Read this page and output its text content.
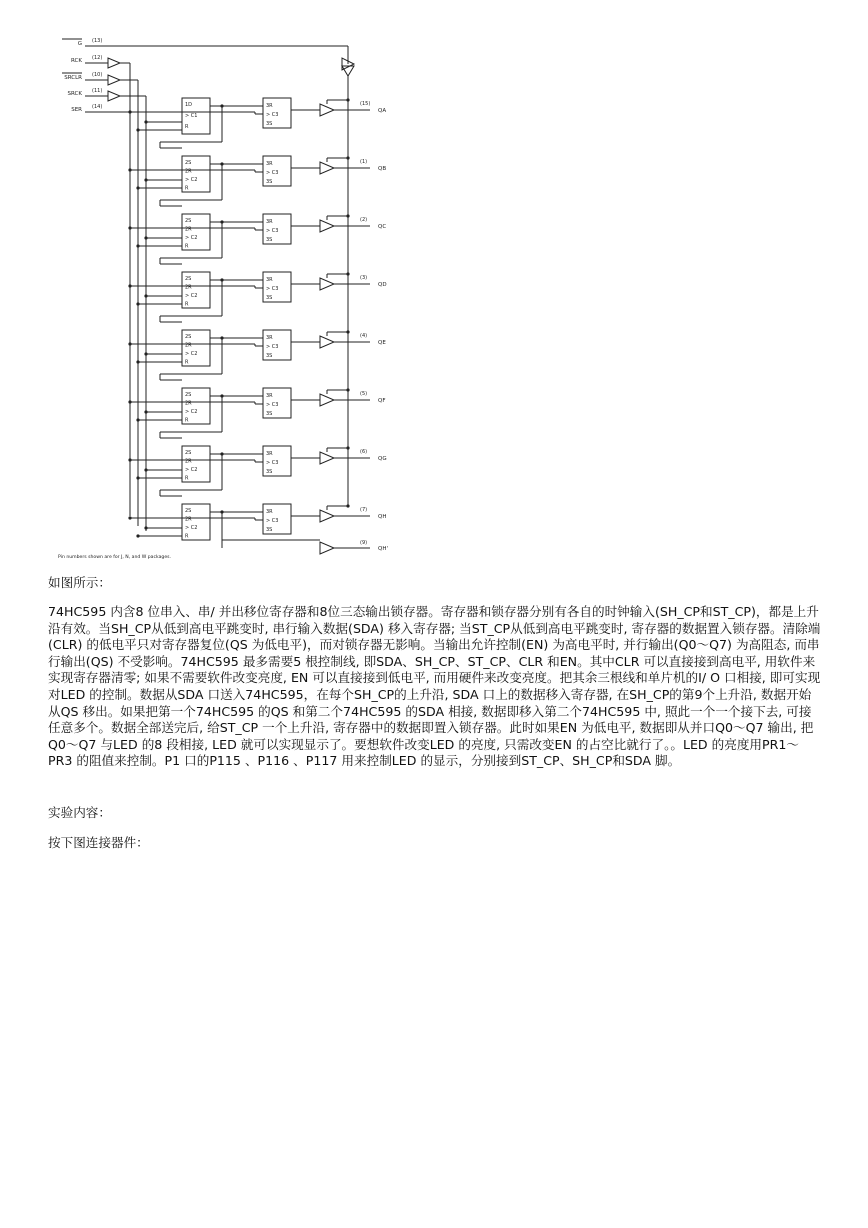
G (13)
RCK (12)
SRCLR (10)
SRCK (11)
SER (14)	1D
> C1
R
3R
> C3
3S
(15)
QA
2S
2R
> C2
R
3R
> C3
3S
(1)
QB
2S
2R
> C2
R
3R
> C3
3S
(2)
QC
2S
2R
> C2
R
3R
> C3
3S
(3)
QD
2S
2R
> C2
R
3R
> C3
3S
(4)
QE
2S
2R
> C2
R
3R
> C3
3S
(5)
QF
2S
2R
> C2
R
3R
> C3
3S
(6)
QG
2S
2R
> C2
R
3R
> C3
3S
(7)
QH
(9)
QH'
Pin numbers shown are for J, N, and W packages.
如图所示：
74HC595 内含8 位串入、串/ 并出移位寄存器和8位三态输出锁存器。寄存器和锁存器分别有各自的时钟输入(SH_CP和ST_CP)，都是上升沿有效。当SH_CP从低到高电平跳变时, 串行输入数据(SDA) 移入寄存器; 当ST_CP从低到高电平跳变时, 寄存器的数据置入锁存器。清除端(CLR) 的低电平只对寄存器复位(QS 为低电平)，而对锁存器无影响。当输出允许控制(EN) 为高电平时, 并行输出(Q0～Q7) 为高阻态, 而串行输出(QS) 不受影响。74HC595 最多需要5 根控制线, 即SDA、SH_CP、ST_CP、CLR 和EN。其中CLR 可以直接接到高电平, 用软件来实现寄存器清零; 如果不需要软件改变亮度, EN 可以直接接到低电平, 而用硬件来改变亮度。把其余三根线和单片机的I/ O 口相接, 即可实现对LED 的控制。数据从SDA 口送入74HC595，在每个SH_CP的上升沿, SDA 口上的数据移入寄存器, 在SH_CP的第9个上升沿, 数据开始从QS 移出。如果把第一个74HC595 的QS 和第二个74HC595 的SDA 相接, 数据即移入第二个74HC595 中, 照此一个一个接下去, 可接任意多个。数据全部送完后, 给ST_CP 一个上升沿, 寄存器中的数据即置入锁存器。此时如果EN 为低电平, 数据即从并口Q0～Q7 输出, 把Q0～Q7 与LED 的8 段相接, LED 就可以实现显示了。要想软件改变LED 的亮度, 只需改变EN 的占空比就行了。。LED 的亮度用PR1～ PR3 的阻值来控制。P1 口的P115 、P116 、P117 用来控制LED 的显示，分别接到ST_CP、SH_CP和SDA 脚。
实验内容：
按下图连接器件：
